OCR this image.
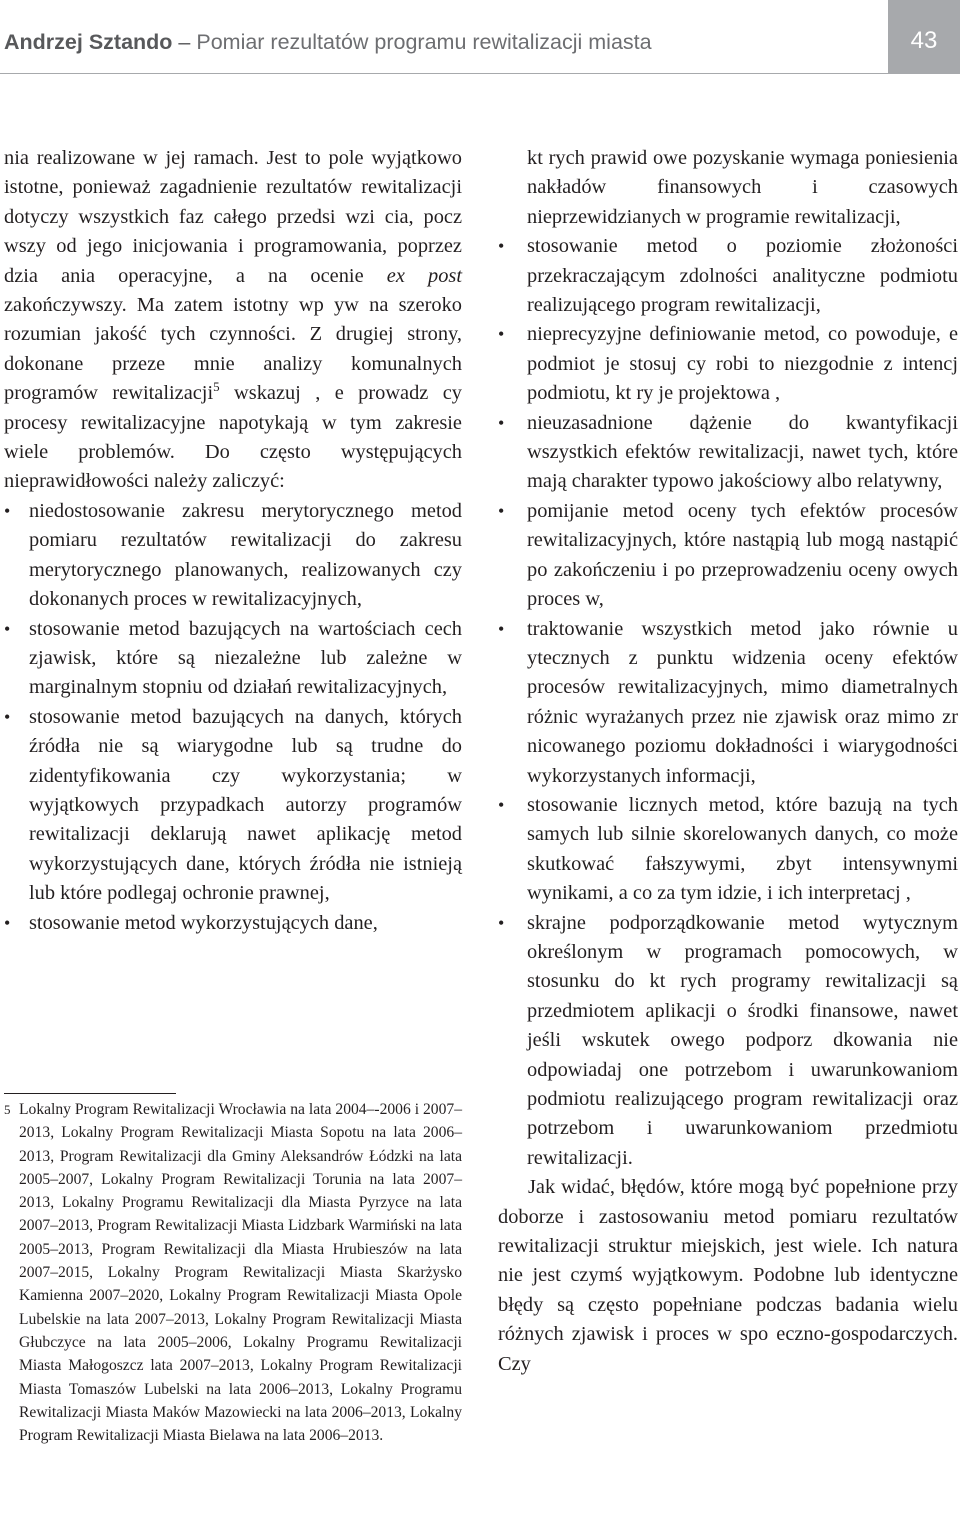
Andrzej Sztando – Pomiar rezultatów programu rewitalizacji miasta	43

nia realizowane w jej ramach. Jest to pole wyjątkowo istotne, ponieważ zagadnienie rezultatów rewitalizacji dotyczy wszystkich faz całego przedsi wzi cia, pocz wszy od jego inicjowania i programowania, poprzez dzia ania operacyjne, a na ocenie ex post zakończywszy. Ma zatem istotny wp yw na szeroko rozumian jakość tych czynności. Z drugiej strony, dokonane przeze mnie analizy komunalnych programów rewitalizacji$^5$ wskazuj , e prowadz cy procesy rewitalizacyjne napotykają w tym zakresie wiele problemów. Do często występujących nieprawidłowości należy zaliczyć:

• niedostosowanie zakresu merytorycznego metod pomiaru rezultatów rewitalizacji do zakresu merytorycznego planowanych, realizowanych czy dokonanych proces w rewitalizacyjnych,
• stosowanie metod bazujących na wartościach cech zjawisk, które są niezależne lub zależne w marginalnym stopniu od działań rewitalizacyjnych,
• stosowanie metod bazujących na danych, których źródła nie są wiarygodne lub są trudne do zidentyfikowania czy wykorzystania; w wyjątkowych przypadkach autorzy programów rewitalizacji deklarują nawet aplikację metod wykorzystujących dane, których źródła nie istnieją lub które podlegaj ochronie prawnej,
• stosowanie metod wykorzystujących dane,
5 Lokalny Program Rewitalizacji Wrocławia na lata 2004–-2006 i 2007–2013, Lokalny Program Rewitalizacji Miasta Sopotu na lata 2006–2013, Program Rewitalizacji dla Gminy Aleksandrów Łódzki na lata 2005–2007, Lokalny Program Rewitalizacji Torunia na lata 2007–2013, Lokalny Programu Rewitalizacji dla Miasta Pyrzyce na lata 2007–2013, Program Rewitalizacji Miasta Lidzbark Warmiński na lata 2005–2013, Program Rewitalizacji dla Miasta Hrubieszów na lata 2007–2015, Lokalny Program Rewitalizacji Miasta Skarżysko Kamienna 2007–2020, Lokalny Program Rewitalizacji Miasta Opole Lubelskie na lata 2007–2013, Lokalny Program Rewitalizacji Miasta Głubczyce na lata 2005–2006, Lokalny Programu Rewitalizacji Miasta Małogoszcz lata 2007–2013, Lokalny Program Rewitalizacji Miasta Tomaszów Lubelski na lata 2006–2013, Lokalny Programu Rewitalizacji Miasta Maków Mazowiecki na lata 2006–2013, Lokalny Program Rewitalizacji Miasta Bielawa na lata 2006–2013.

kt rych prawid owe pozyskanie wymaga poniesienia nakładów finansowych i czasowych nieprzewidzianych w programie rewitalizacji,

• stosowanie metod o poziomie złożoności przekraczającym zdolności analityczne podmiotu realizującego program rewitalizacji,
• nieprecyzyjne definiowanie metod, co powoduje, e podmiot je stosuj cy robi to niezgodnie z intencj podmiotu, kt ry je projektowa ,
• nieuzasadnione dążenie do kwantyfikacji wszystkich efektów rewitalizacji, nawet tych, które mają charakter typowo jakościowy albo relatywny,
• pomijanie metod oceny tych efektów procesów rewitalizacyjnych, które nastąpią lub mogą nastąpić po zakończeniu i po przeprowadzeniu oceny owych proces w,
• traktowanie wszystkich metod jako równie u ytecznych z punktu widzenia oceny efektów procesów rewitalizacyjnych, mimo diametralnych różnic wyrażanych przez nie zjawisk oraz mimo zr nicowanego poziomu dokładności i wiarygodności wykorzystanych informacji,
• stosowanie licznych metod, które bazują na tych samych lub silnie skorelowanych danych, co może skutkować fałszywymi, zbyt intensywnymi wynikami, a co za tym idzie, i ich interpretacj ,
• skrajne podporządkowanie metod wytycznym określonym w programach pomocowych, w stosunku do kt rych programy rewitalizacji są przedmiotem aplikacji o środki finansowe, nawet jeśli wskutek owego podporz dkowania nie odpowiadaj one potrzebom i uwarunkowaniom podmiotu realizującego program rewitalizacji oraz potrzebom i uwarunkowaniom przedmiotu rewitalizacji.

Jak widać, błędów, które mogą być popełnione przy doborze i zastosowaniu metod pomiaru rezultatów rewitalizacji struktur miejskich, jest wiele. Ich natura nie jest czymś wyjątkowym. Podobne lub identyczne błędy są często popełniane podczas badania wielu różnych zjawisk i proces w spo eczno-gospodarczych. Czy
